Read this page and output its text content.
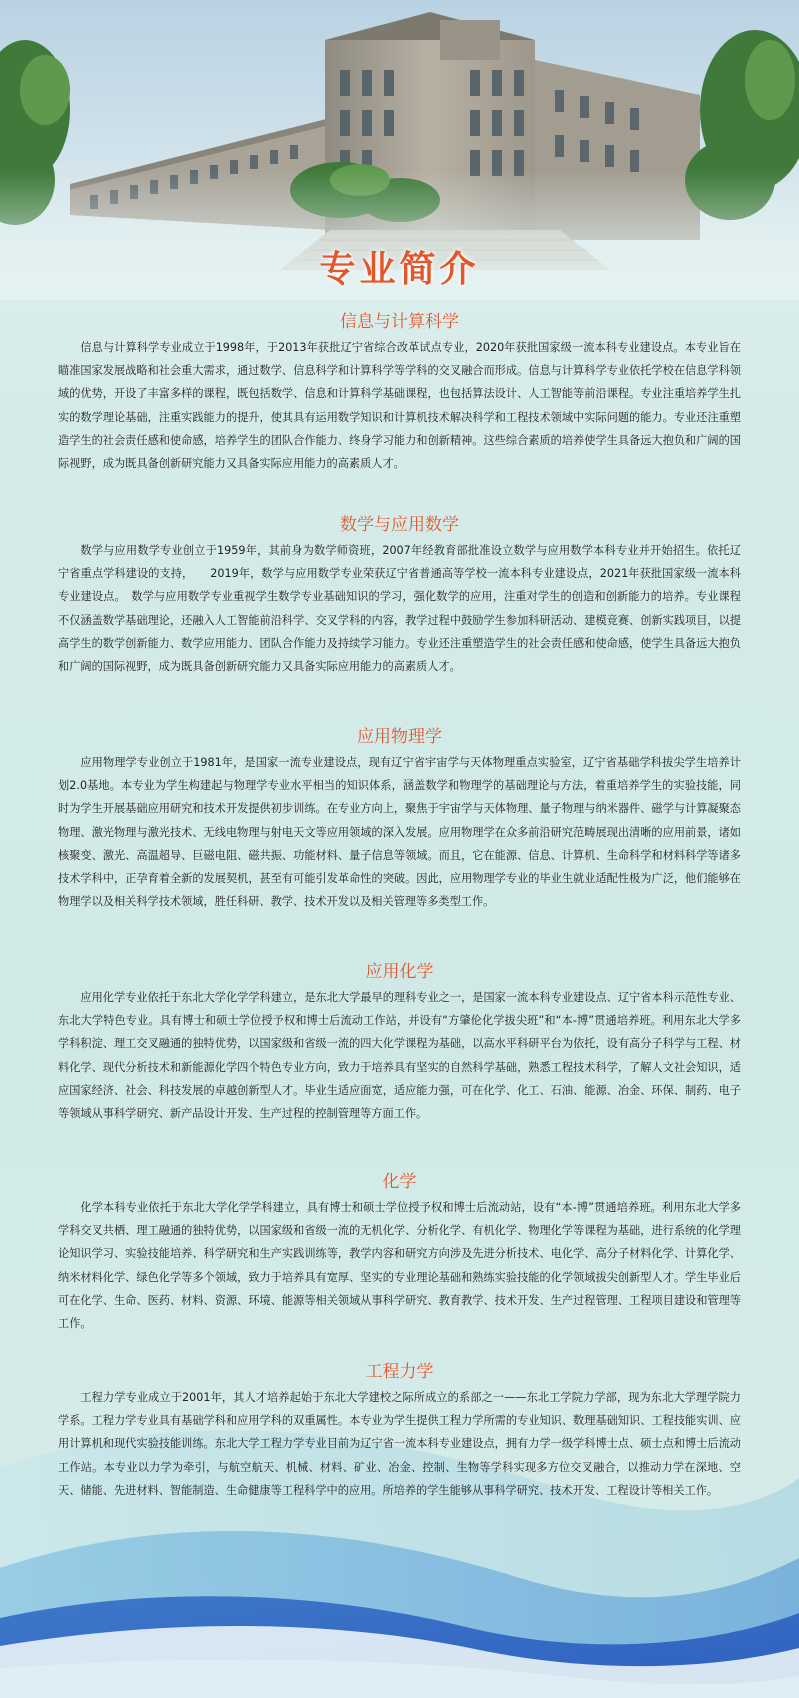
专业简介
信息与计算科学

信息与计算科学专业成立于1998年，于2013年获批辽宁省综合改革试点专业，2020年获批国家级一流本科专业建设点。本专业旨在瞄准国家发展战略和社会重大需求，通过数学、信息科学和计算科学等学科的交叉融合而形成。信息与计算科学专业依托学校在信息学科领域的优势，开设了丰富多样的课程，既包括数学、信息和计算科学基础课程，也包括算法设计、人工智能等前沿课程。专业注重培养学生扎实的数学理论基础，注重实践能力的提升，使其具有运用数学知识和计算机技术解决科学和工程技术领域中实际问题的能力。专业还注重塑造学生的社会责任感和使命感，培养学生的团队合作能力、终身学习能力和创新精神。这些综合素质的培养使学生具备远大抱负和广阔的国际视野，成为既具备创新研究能力又具备实际应用能力的高素质人才。

数学与应用数学

数学与应用数学专业创立于1959年，其前身为数学师资班，2007年经教育部批准设立数学与应用数学本科专业并开始招生。依托辽宁省重点学科建设的支持，　　2019年，数学与应用数学专业荣获辽宁省普通高等学校一流本科专业建设点，2021年获批国家级一流本科专业建设点。　数学与应用数学专业重视学生数学专业基础知识的学习，强化数学的应用，注重对学生的创造和创新能力的培养。专业课程不仅涵盖数学基础理论，还融入人工智能前沿科学、交叉学科的内容，教学过程中鼓励学生参加科研活动、建模竞赛、创新实践项目，以提高学生的数学创新能力、数学应用能力、团队合作能力及持续学习能力。专业还注重塑造学生的社会责任感和使命感，使学生具备远大抱负和广阔的国际视野，成为既具备创新研究能力又具备实际应用能力的高素质人才。

应用物理学

应用物理学专业创立于1981年，是国家一流专业建设点，现有辽宁省宇宙学与天体物理重点实验室，辽宁省基础学科拔尖学生培养计划2.0基地。本专业为学生构建起与物理学专业水平相当的知识体系，涵盖数学和物理学的基础理论与方法，着重培养学生的实验技能，同时为学生开展基础应用研究和技术开发提供初步训练。在专业方向上，聚焦于宇宙学与天体物理、量子物理与纳米器件、磁学与计算凝聚态物理、激光物理与激光技术、无线电物理与射电天文等应用领域的深入发展。应用物理学在众多前沿研究范畴展现出清晰的应用前景，诸如核聚变、激光、高温超导、巨磁电阻、磁共振、功能材料、量子信息等领域。而且，它在能源、信息、计算机、生命科学和材料科学等诸多技术学科中，正孕育着全新的发展契机，甚至有可能引发革命性的突破。因此，应用物理学专业的毕业生就业适配性极为广泛，他们能够在物理学以及相关科学技术领域，胜任科研、教学、技术开发以及相关管理等多类型工作。

应用化学

应用化学专业依托于东北大学化学学科建立，是东北大学最早的理科专业之一，是国家一流本科专业建设点、辽宁省本科示范性专业、东北大学特色专业。具有博士和硕士学位授予权和博士后流动工作站，并设有“方肇伦化学拔尖班”和“本-博”贯通培养班。利用东北大学多学科积淀、理工交叉融通的独特优势，以国家级和省级一流的四大化学课程为基础，以高水平科研平台为依托，设有高分子科学与工程、材料化学、现代分析技术和新能源化学四个特色专业方向，致力于培养具有坚实的自然科学基础，熟悉工程技术科学，了解人文社会知识，适应国家经济、社会、科技发展的卓越创新型人才。毕业生适应面宽，适应能力强，可在化学、化工、石油、能源、冶金、环保、制药、电子等领域从事科学研究、新产品设计开发、生产过程的控制管理等方面工作。

化学

化学本科专业依托于东北大学化学学科建立，具有博士和硕士学位授予权和博士后流动站，设有“本-博”贯通培养班。利用东北大学多学科交叉共栖、理工融通的独特优势，以国家级和省级一流的无机化学、分析化学、有机化学、物理化学等课程为基础，进行系统的化学理论知识学习、实验技能培养、科学研究和生产实践训练等，教学内容和研究方向涉及先进分析技术、电化学、高分子材料化学、计算化学、纳米材料化学、绿色化学等多个领域，致力于培养具有宽厚、坚实的专业理论基础和熟练实验技能的化学领域拔尖创新型人才。学生毕业后可在化学、生命、医药、材料、资源、环境、能源等相关领域从事科学研究、教育教学、技术开发、生产过程管理、工程项目建设和管理等工作。

工程力学

工程力学专业成立于2001年，其人才培养起始于东北大学建校之际所成立的系部之一——东北工学院力学部，现为东北大学理学院力学系。工程力学专业具有基础学科和应用学科的双重属性。本专业为学生提供工程力学所需的专业知识、数理基础知识、工程技能实训、应用计算机和现代实验技能训练。东北大学工程力学专业目前为辽宁省一流本科专业建设点，拥有力学一级学科博士点、硕士点和博士后流动工作站。本专业以力学为牵引，与航空航天、机械、材料、矿业、冶金、控制、生物等学科实现多方位交叉融合，以推动力学在深地、空天、储能、先进材料、智能制造、生命健康等工程科学中的应用。所培养的学生能够从事科学研究、技术开发、工程设计等相关工作。
